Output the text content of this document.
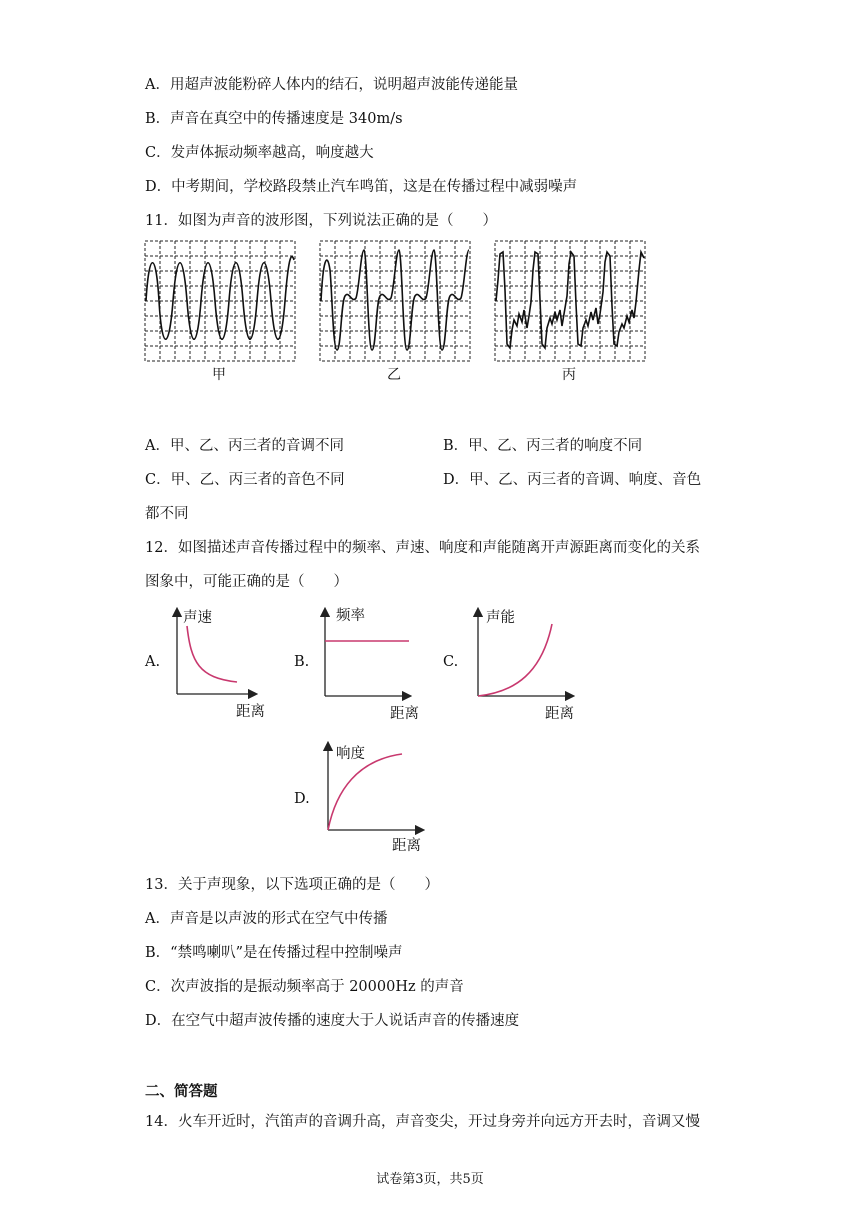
A．用超声波能粉碎人体内的结石，说明超声波能传递能量
B．声音在真空中的传播速度是 340m/s
C．发声体振动频率越高，响度越大
D．中考期间，学校路段禁止汽车鸣笛，这是在传播过程中减弱噪声
11．如图为声音的波形图，下列说法正确的是（　　）
甲	乙	丙
A．甲、乙、丙三者的音调不同	B．甲、乙、丙三者的响度不同
C．甲、乙、丙三者的音色不同	D．甲、乙、丙三者的音调、响度、音色
都不同
12．如图描述声音传播过程中的频率、声速、响度和声能随离开声源距离而变化的关系
图象中，可能正确的是（　　）
A.
声速
距离
B.
频率
距离
C.
声能
距离
D.
响度
距离
13．关于声现象，以下选项正确的是（　　）
A．声音是以声波的形式在空气中传播
B．“禁鸣喇叭”是在传播过程中控制噪声
C．次声波指的是振动频率高于 20000Hz 的声音
D．在空气中超声波传播的速度大于人说话声音的传播速度
二、简答题
14．火车开近时，汽笛声的音调升高，声音变尖，开过身旁并向远方开去时，音调又慢
试卷第3页，共5页
